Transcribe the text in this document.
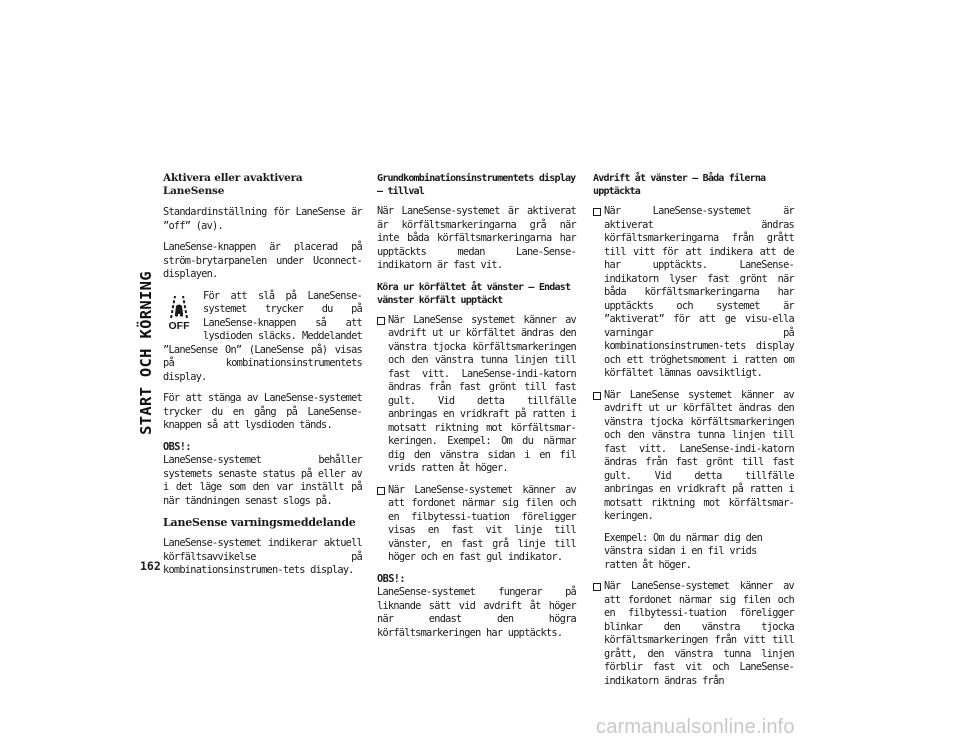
START OCH KÖRNING
Aktivera eller avaktivera LaneSense

Standardinställning för LaneSense är ”off” (av).

LaneSense-knappen är placerad på ström-brytarpanelen under Uconnect-displayen.

OFF

För att slå på LaneSense-systemet trycker du på LaneSense-knappen så att lysdioden släcks. Meddelandet ”LaneSense On” (LaneSense på) visas på kombinationsinstrumentets display.

För att stänga av LaneSense-systemet trycker du en gång på LaneSense-knappen så att lysdioden tänds.

OBS!:
LaneSense-systemet behåller systemets senaste status på eller av i det läge som den var inställt på när tändningen senast slogs på.

LaneSense varningsmeddelande

LaneSense-systemet indikerar aktuell körfältsavvikelse på kombinationsinstrumen-tets display.

Grundkombinationsinstrumentets display – tillval

När LaneSense-systemet är aktiverat är körfältsmarkeringarna grå när inte båda körfältsmarkeringarna har upptäckts medan Lane-Sense-indikatorn är fast vit.

Köra ur körfältet åt vänster – Endast vänster körfält upptäckt

När LaneSense systemet känner av avdrift ut ur körfältet ändras den vänstra tjocka körfältsmarkeringen och den vänstra tunna linjen till fast vitt. LaneSense-indi-katorn ändras från fast grönt till fast gult. Vid detta tillfälle anbringas en vridkraft på ratten i motsatt riktning mot körfältsmar-keringen. Exempel: Om du närmar dig den vänstra sidan i en fil vrids ratten åt höger.

När LaneSense-systemet känner av att fordonet närmar sig filen och en filbytessi-tuation föreligger visas en fast vit linje till vänster, en fast grå linje till höger och en fast gul indikator.

OBS!:
LaneSense-systemet fungerar på liknande sätt vid avdrift åt höger när endast den högra körfältsmarkeringen har upptäckts.

Avdrift åt vänster – Båda filerna upptäckta

När LaneSense-systemet är aktiverat ändras körfältsmarkeringarna från grått till vitt för att indikera att de har upptäckts. LaneSense-indikatorn lyser fast grönt när båda körfältsmarkeringarna har upptäckts och systemet är ”aktiverat” för att ge visu-ella varningar på kombinationsinstrumen-tets display och ett tröghetsmoment i ratten om körfältet lämnas oavsiktligt.

När LaneSense systemet känner av avdrift ut ur körfältet ändras den vänstra tjocka körfältsmarkeringen och den vänstra tunna linjen till fast vitt. LaneSense-indi-katorn ändras från fast grönt till fast gult. Vid detta tillfälle anbringas en vridkraft på ratten i motsatt riktning mot körfältsmar-keringen.

Exempel: Om du närmar dig den vänstra sidan i en fil vrids ratten åt höger.

När LaneSense-systemet känner av att fordonet närmar sig filen och en filbytessi-tuation föreligger blinkar den vänstra tjocka körfältsmarkeringen från vitt till grått, den vänstra tunna linjen förblir fast vit och LaneSense-indikatorn ändras från

162
carmanualsonline.info
